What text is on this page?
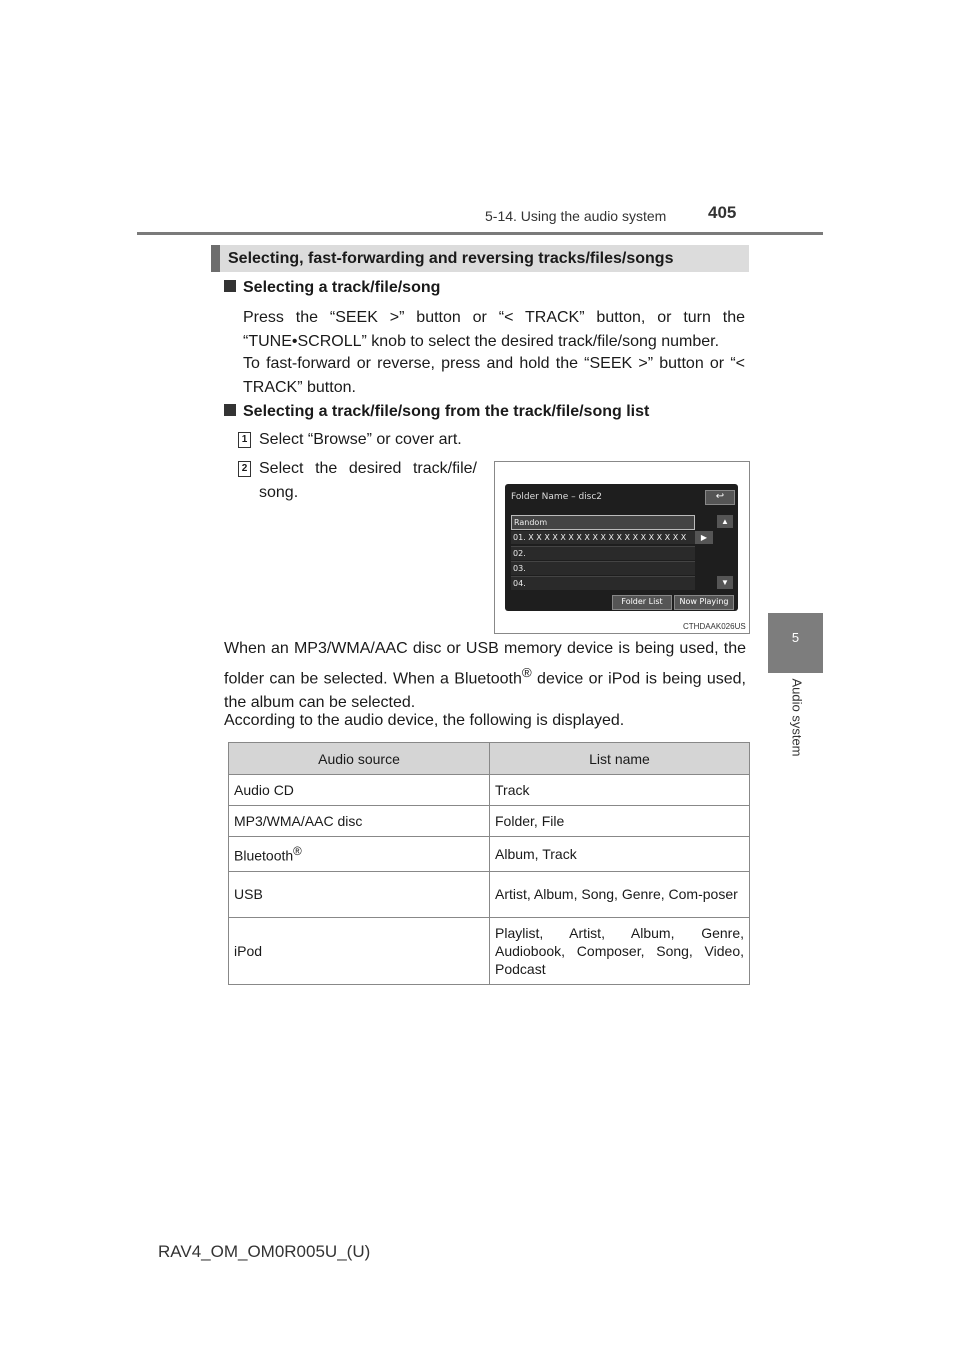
5-14. Using the audio system 405
5
Audio system
Selecting, fast-forwarding and reversing tracks/files/songs
Selecting a track/file/song
Press the “SEEK >” button or “< TRACK” button, or turn the “TUNE•SCROLL” knob to select the desired track/file/song number.
To fast-forward or reverse, press and hold the “SEEK >” button or “< TRACK” button.
Selecting a track/file/song from the track/file/song list
1 Select “Browse” or cover art.
2 Select the desired track/file/
song.	Folder Name – disc2	↩
Random	▲
01. X X X X X X X X X X X X X X X X X X X X	▶
02.
03.
04.	▼
Folder List	Now Playing
CTHDAAK026US
When an MP3/WMA/AAC disc or USB memory device is being used, the folder can be selected. When a Bluetooth® device or iPod is being used, the album can be selected.
According to the audio device, the following is displayed.
Audio source	List name
Audio CD	Track
MP3/WMA/AAC disc	Folder, File
Bluetooth®	Album, Track
USB	Artist, Album, Song, Genre, Com-poser
iPod	Playlist, Artist, Album, Genre, Audiobook, Composer, Song, Video, Podcast
RAV4_OM_OM0R005U_(U)
